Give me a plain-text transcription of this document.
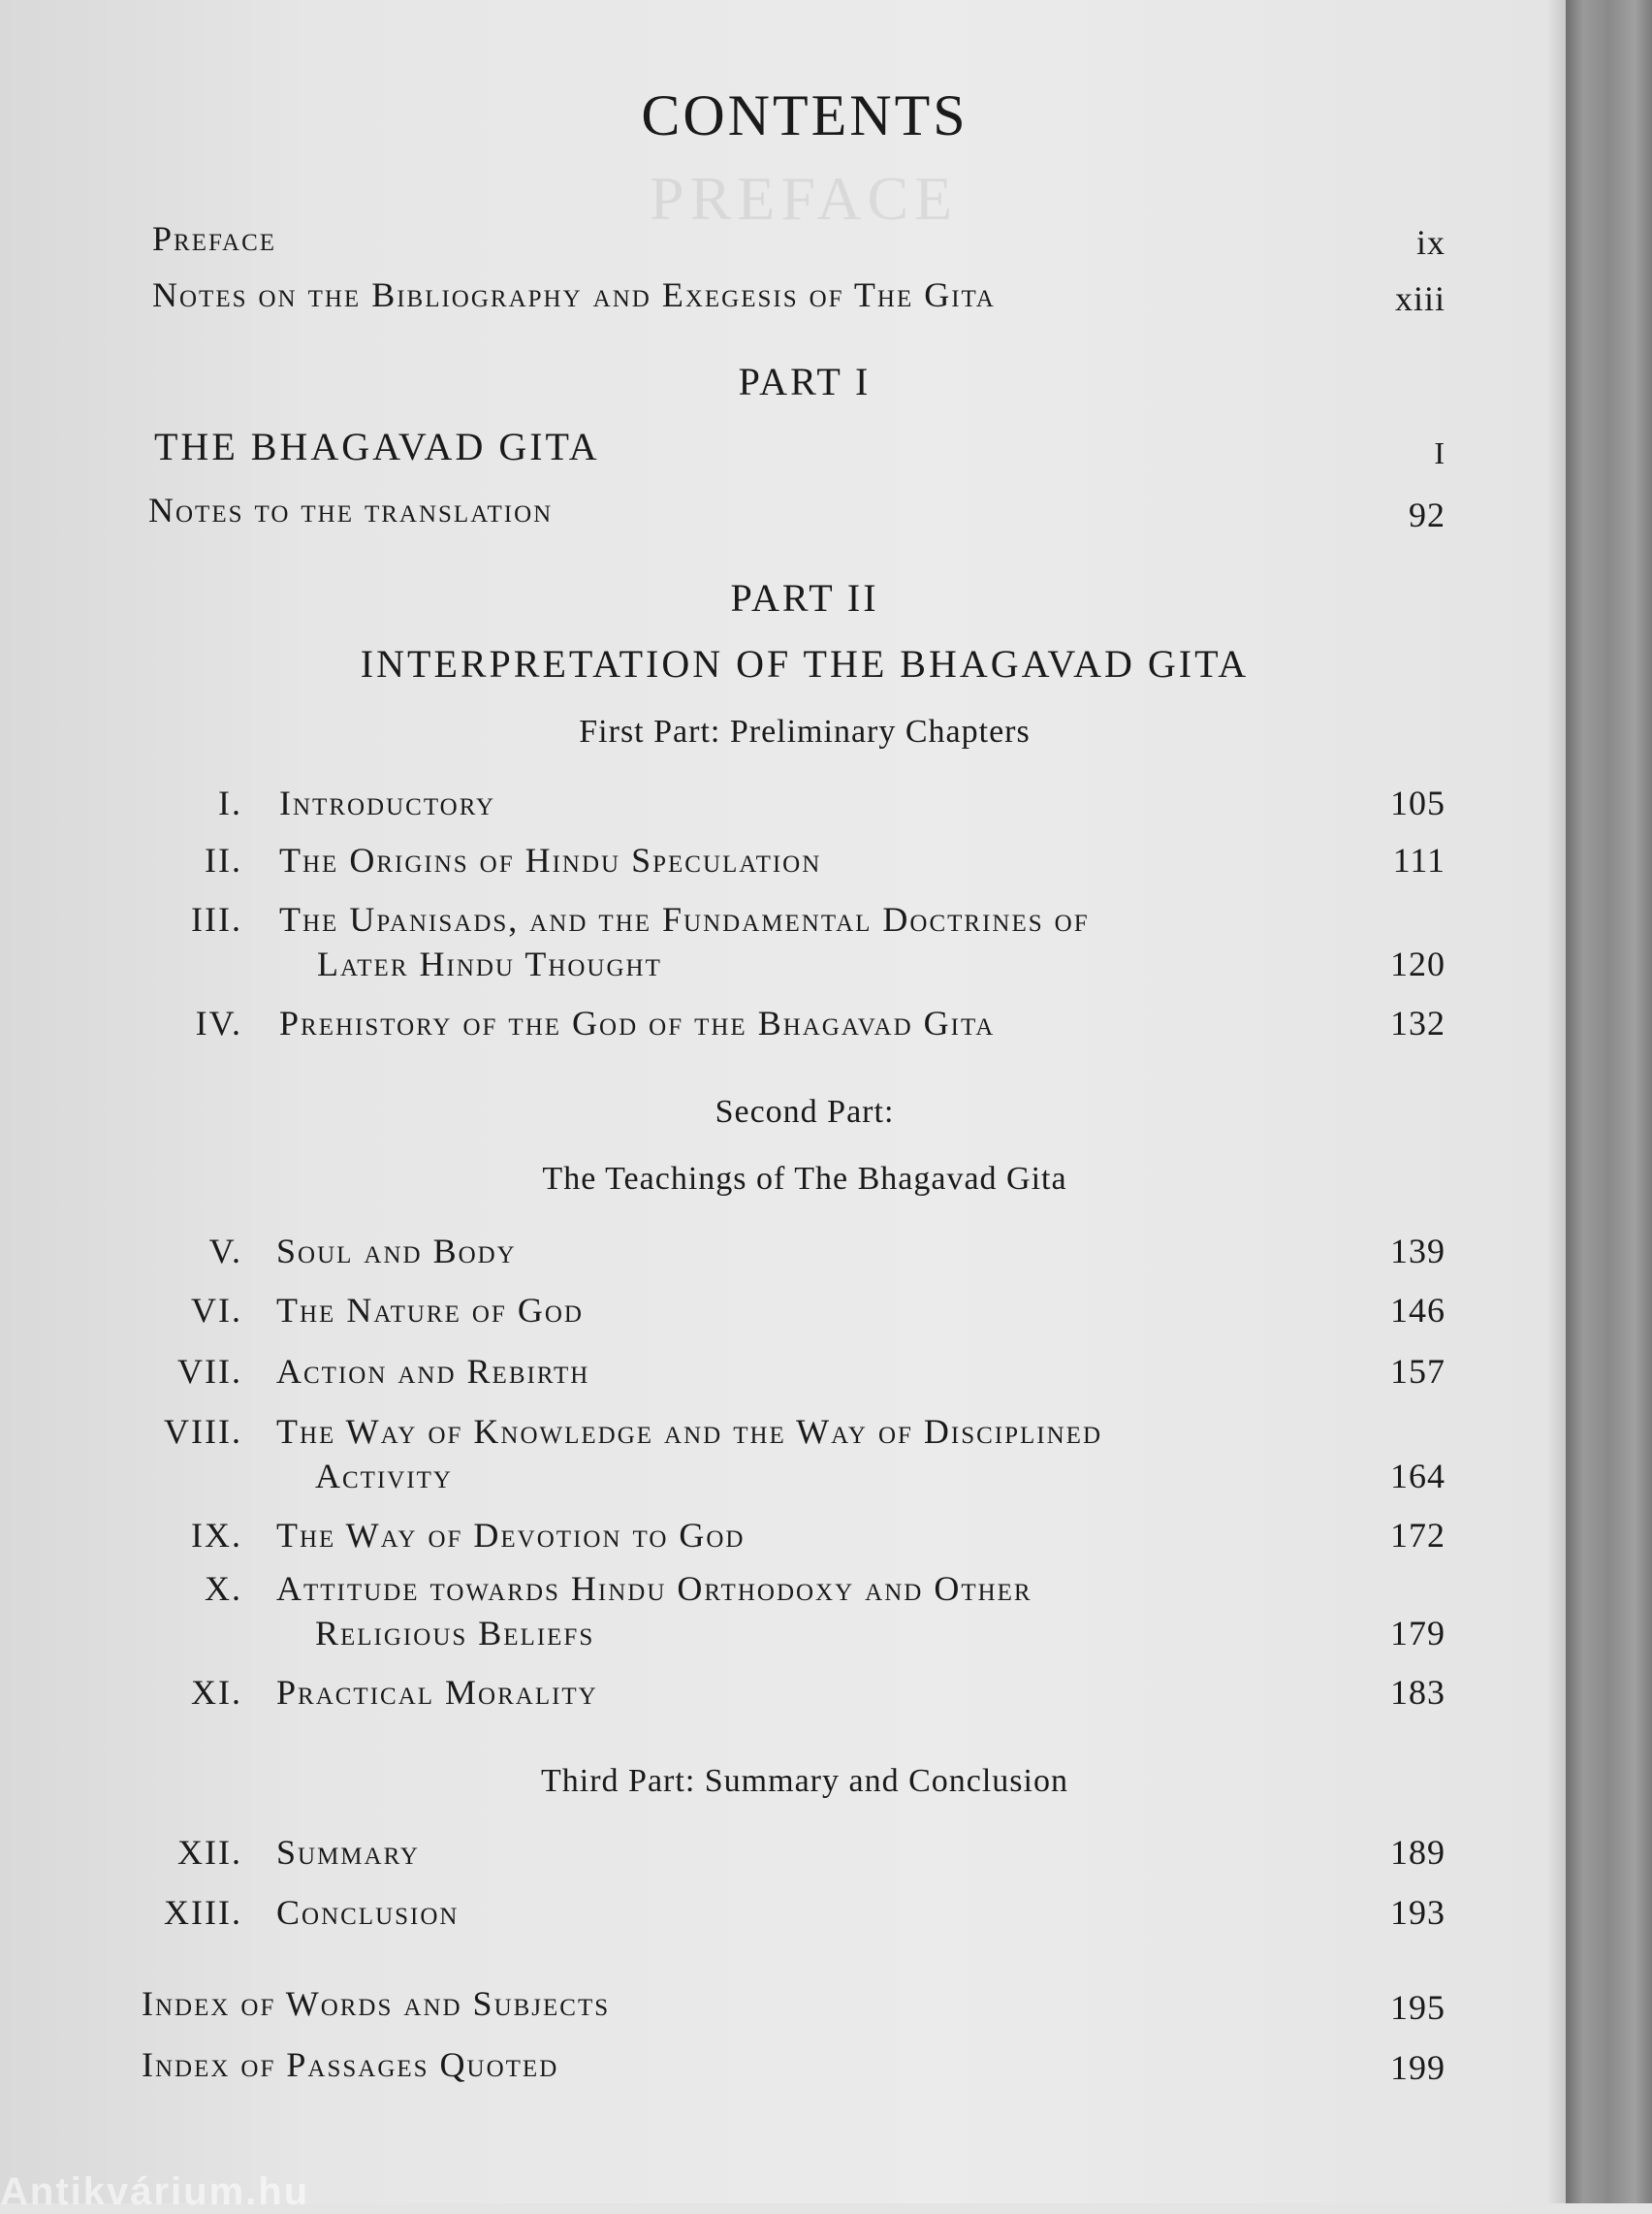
PREFACE
CONTENTS
Preface	ix
Notes on the Bibliography and Exegesis of The Gita	xiii
PART I
THE BHAGAVAD GITA	I
Notes to the translation	92
PART II
INTERPRETATION OF THE BHAGAVAD GITA
First Part: Preliminary Chapters
I. Introductory	105
II. The Origins of Hindu Speculation	111
III. The Upanisads, and the Fundamental Doctrines of
Later Hindu Thought	120
IV. Prehistory of the God of the Bhagavad Gita	132
Second Part:
The Teachings of The Bhagavad Gita
V. Soul and Body	139
VI. The Nature of God	146
VII. Action and Rebirth	157
VIII. The Way of Knowledge and the Way of Disciplined
Activity	164
IX. The Way of Devotion to God	172
X. Attitude towards Hindu Orthodoxy and Other
Religious Beliefs	179
XI. Practical Morality	183
Third Part: Summary and Conclusion
XII. Summary	189
XIII. Conclusion	193
Index of Words and Subjects	195
Index of Passages Quoted	199
Antikvárium.hu
